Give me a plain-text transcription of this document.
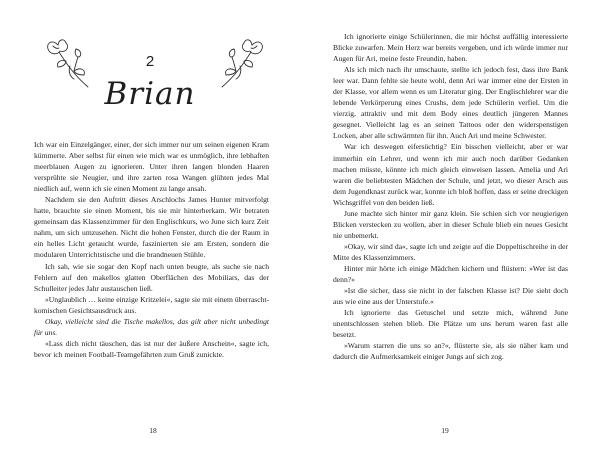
2
Brian

Ich war ein Einzelgänger, einer, der sich immer nur um seinen eigenen Kram kümmerte. Aber selbst für einen wie mich war es unmöglich, ihre lebhaften meerblauen Augen zu ignorieren. Unter ihren langen blonden Haaren versprühte sie Neugier, und ihre zarten rosa Wangen glühten jedes Mal niedlich auf, wenn ich sie einen Moment zu lange ansah.

Nachdem sie den Auftritt dieses Arschlochs James Hunter mitverfolgt hatte, brauchte sie einen Moment, bis sie mir hinterherkam. Wir betraten gemeinsam das Klassenzimmer für den Englischkurs, wo June sich kurz Zeit nahm, um sich umzusehen. Nicht die hohen Fenster, durch die der Raum in ein helles Licht getaucht wurde, faszinierten sie am Ersten, sondern die modularen Unterrichtstische und die brandneuen Stühle.

Ich sah, wie sie sogar den Kopf nach unten beugte, als suche sie nach Fehlern auf den makellos glatten Oberflächen des Mobiliars, das der Schulleiter jedes Jahr austauschen ließ.

»Unglaublich … keine einzige Kritzelei«, sagte sie mit einem überrascht-komischen Gesichtsausdruck aus.

Okay, vielleicht sind die Tische makellos, das gilt aber nicht unbedingt für uns.

»Lass dich nicht täuschen, das ist nur der äußere Anschein«, sagte ich, bevor ich meinen Football-Teamgefährten zum Gruß zunickte.

18

Ich ignorierte einige Schülerinnen, die mir höchst auffällig interessierte Blicke zuwarfen. Mein Herz war bereits vergeben, und ich würde immer nur Augen für Ari, meine feste Freundin, haben.

Als ich mich nach ihr umschaute, stellte ich jedoch fest, dass ihre Bank leer war. Dann fehlte sie heute wohl, denn Ari war immer eine der Ersten in der Klasse, vor allem wenn es um Literatur ging. Der Englischlehrer war die lebende Verkörperung eines Crushs, dem jede Schülerin verfiel. Um die vierzig, attraktiv und mit dem Body eines deutlich jüngeren Mannes gesegnet. Vielleicht lag es an seinen Tattoos oder den widerspenstigen Locken, aber alle schwärmten für ihn. Auch Ari und meine Schwester.

War ich deswegen eifersüchtig? Ein bisschen vielleicht, aber er war immerhin ein Lehrer, und wenn ich mir auch noch darüber Gedanken machen müsste, könnte ich mich gleich einweisen lassen. Amelia und Ari waren die beliebtesten Mädchen der Schule, und jetzt, wo dieser Arsch aus dem Jugendknast zurück war, konnte ich bloß hoffen, dass er seine dreckigen Wichsgriffel von den beiden ließ.

June machte sich hinter mir ganz klein. Sie schien sich vor neugierigen Blicken verstecken zu wollen, aber in dieser Schule blieb ein neues Gesicht nie unbemerkt.

»Okay, wir sind da«, sagte ich und zeigte auf die Doppeltischreihe in der Mitte des Klassenzimmers.

Hinter mir hörte ich einige Mädchen kichern und flüstern: »Wer ist das denn?«

»Ist die sicher, dass sie nicht in der falschen Klasse ist? Die sieht doch aus wie eine aus der Unterstufe.«

Ich ignorierte das Getuschel und setzte mich, während June unentschlossen stehen blieb. Die Plätze um uns herum waren fast alle besetzt.

»Warum starren die uns so an?«, flüsterte sie, als sie näher kam und dadurch die Aufmerksamkeit einiger Jungs auf sich zog.

19
